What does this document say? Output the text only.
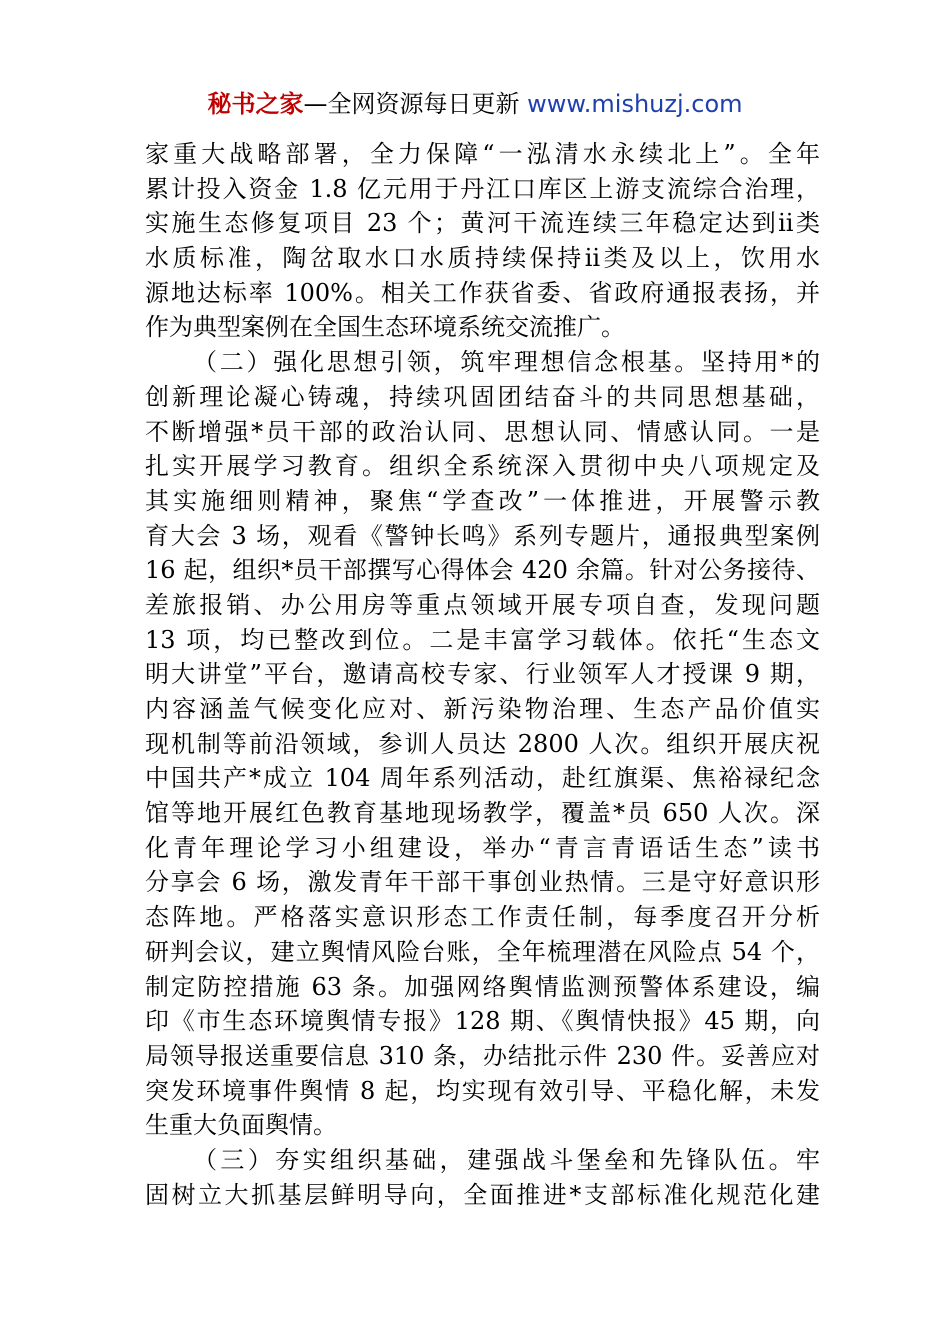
秘书之家—全网资源每日更新 www.mishuzj.com
家重大战略部署，全力保障“一泓清水永续北上”。全年
累计投入资金 1.8 亿元用于丹江口库区上游支流综合治理，
实施生态修复项目 23 个；黄河干流连续三年稳定达到ⅱ类
水质标准，陶岔取水口水质持续保持ⅱ类及以上，饮用水
源地达标率 100%。相关工作获省委、省政府通报表扬，并
作为典型案例在全国生态环境系统交流推广。
（二）强化思想引领，筑牢理想信念根基。坚持用*的
创新理论凝心铸魂，持续巩固团结奋斗的共同思想基础，
不断增强*员干部的政治认同、思想认同、情感认同。一是
扎实开展学习教育。组织全系统深入贯彻中央八项规定及
其实施细则精神，聚焦“学查改”一体推进，开展警示教
育大会 3 场，观看《警钟长鸣》系列专题片，通报典型案例
16 起，组织*员干部撰写心得体会 420 余篇。针对公务接待、
差旅报销、办公用房等重点领域开展专项自查，发现问题
13 项，均已整改到位。二是丰富学习载体。依托“生态文
明大讲堂”平台，邀请高校专家、行业领军人才授课 9 期，
内容涵盖气候变化应对、新污染物治理、生态产品价值实
现机制等前沿领域，参训人员达 2800 人次。组织开展庆祝
中国共产*成立 104 周年系列活动，赴红旗渠、焦裕禄纪念
馆等地开展红色教育基地现场教学，覆盖*员 650 人次。深
化青年理论学习小组建设，举办“青言青语话生态”读书
分享会 6 场，激发青年干部干事创业热情。三是守好意识形
态阵地。严格落实意识形态工作责任制，每季度召开分析
研判会议，建立舆情风险台账，全年梳理潜在风险点 54 个，
制定防控措施 63 条。加强网络舆情监测预警体系建设，编
印《市生态环境舆情专报》128 期、《舆情快报》45 期，向
局领导报送重要信息 310 条，办结批示件 230 件。妥善应对
突发环境事件舆情 8 起，均实现有效引导、平稳化解，未发
生重大负面舆情。
（三）夯实组织基础，建强战斗堡垒和先锋队伍。牢
固树立大抓基层鲜明导向，全面推进*支部标准化规范化建
